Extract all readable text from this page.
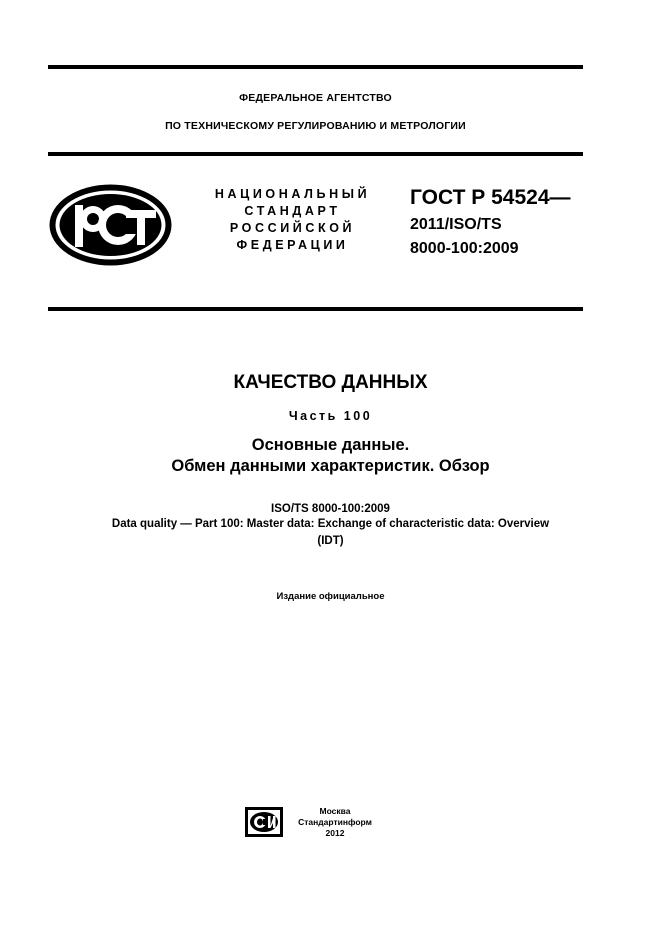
ФЕДЕРАЛЬНОЕ АГЕНТСТВО
ПО ТЕХНИЧЕСКОМУ РЕГУЛИРОВАНИЮ И МЕТРОЛОГИИ
НАЦИОНАЛЬНЫЙ
СТАНДАРТ
РОССИЙСКОЙ
ФЕДЕРАЦИИ
ГОСТ Р 54524—
2011/ISO/TS
8000-100:2009
КАЧЕСТВО ДАННЫХ
Часть 100
Основные данные.
Обмен данными характеристик. Обзор
ISO/TS 8000-100:2009
Data quality — Part 100: Master data: Exchange of characteristic data: Overview
(IDT)
Издание официальное
Москва
Стандартинформ
2012
